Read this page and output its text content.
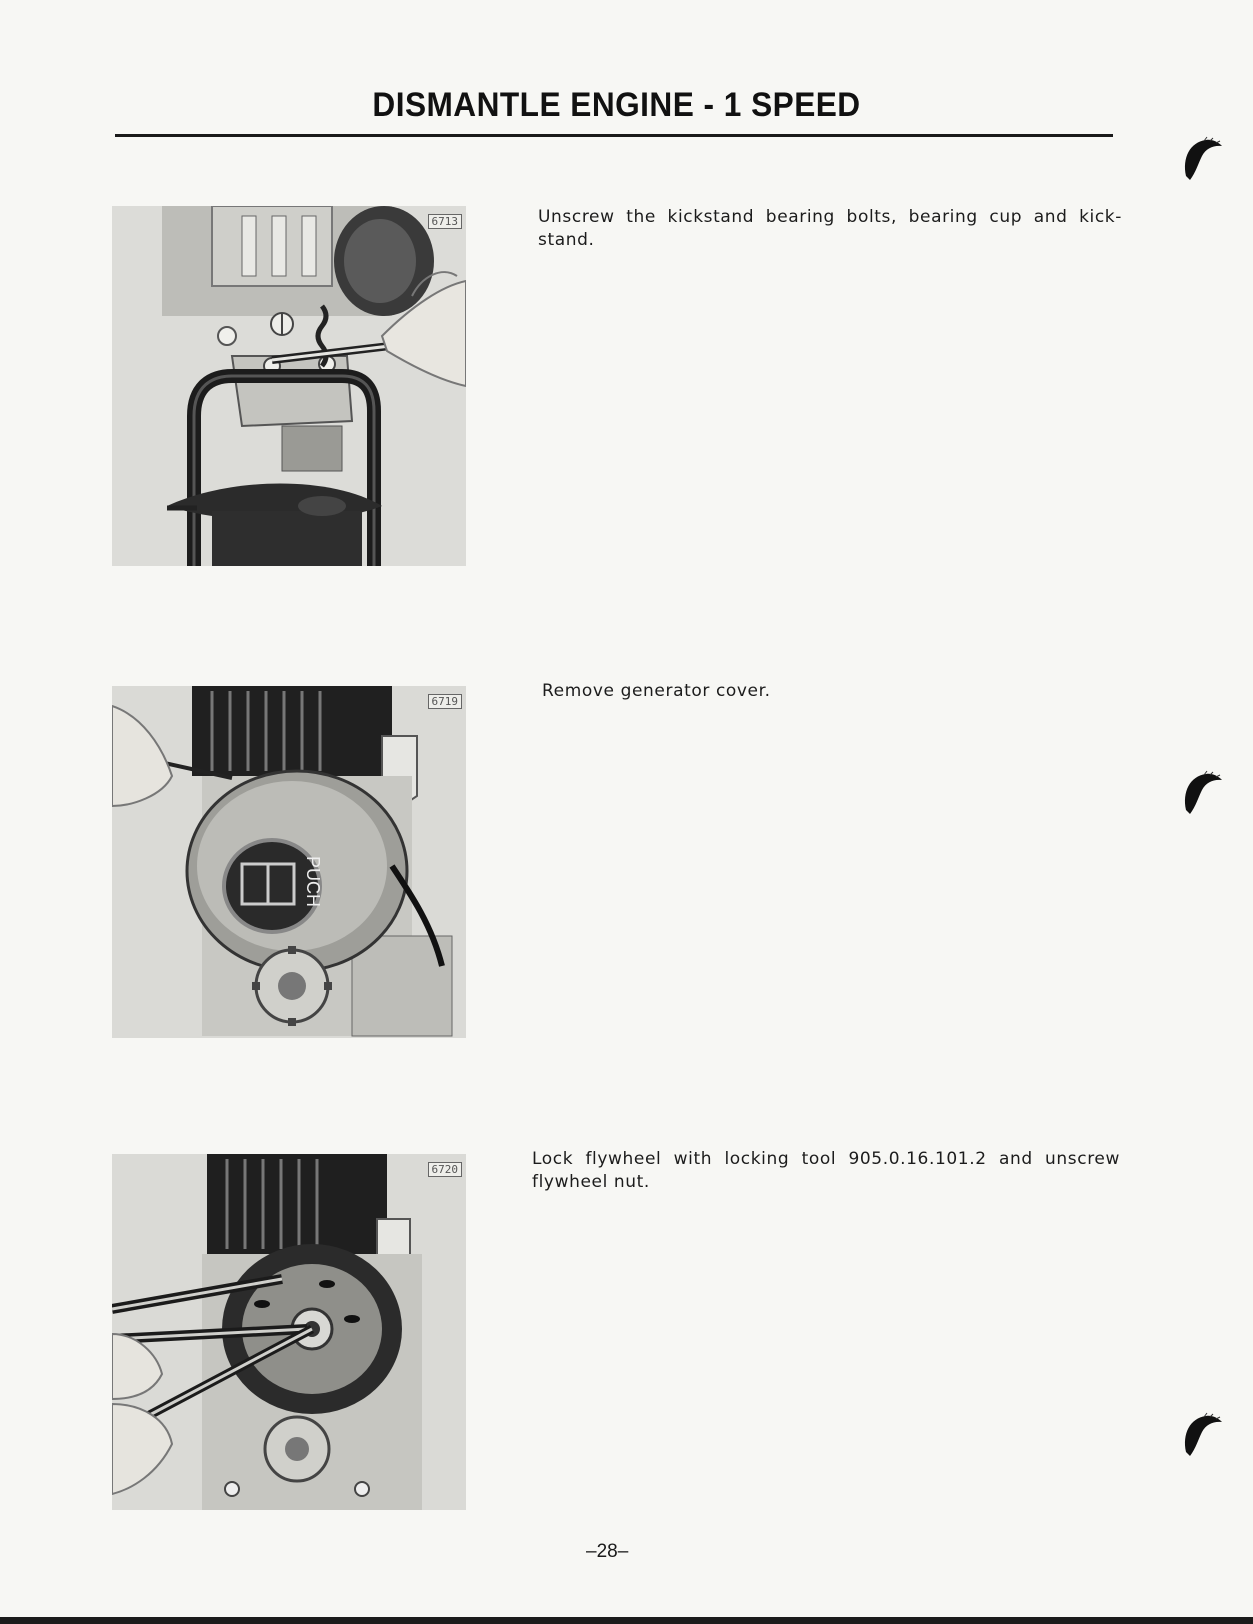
DISMANTLE ENGINE - 1 SPEED
6713	Unscrew the kickstand bearing bolts, bearing cup and kick-stand.
PUCH
6719
Remove generator cover.
6720
Lock flywheel with locking tool 905.0.16.101.2 and unscrew flywheel nut.
–28–
